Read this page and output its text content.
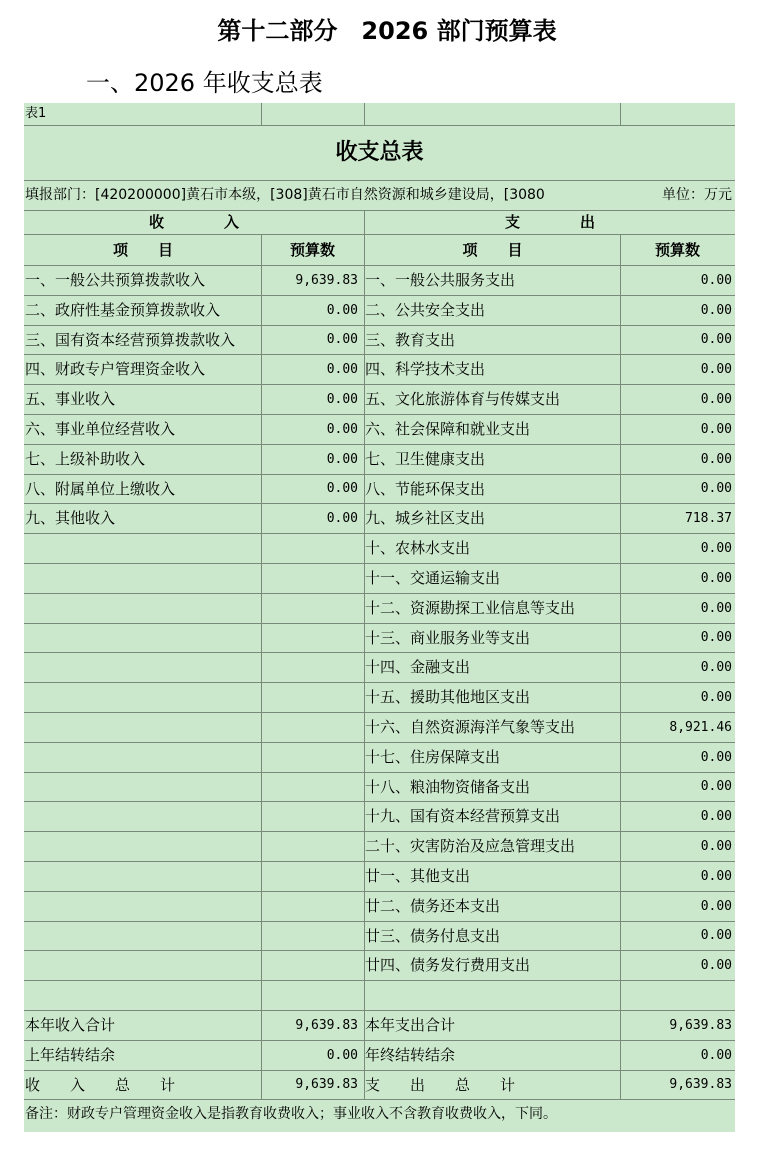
第十二部分　2026 部门预算表
一、2026 年收支总表
表1
收支总表
填报部门：[420200000]黄石市本级，[308]黄石市自然资源和城乡建设局，[3080	单位：万元
收　　　　入	支　　　　出
项　　目	预算数	项　　目	预算数
一、一般公共预算拨款收入	9,639.83 一、一般公共服务支出	0.00
二、政府性基金预算拨款收入	0.00 二、公共安全支出	0.00
三、国有资本经营预算拨款收入	0.00 三、教育支出	0.00
四、财政专户管理资金收入	0.00 四、科学技术支出	0.00
五、事业收入	0.00 五、文化旅游体育与传媒支出	0.00
六、事业单位经营收入	0.00 六、社会保障和就业支出	0.00
七、上级补助收入	0.00 七、卫生健康支出	0.00
八、附属单位上缴收入	0.00 八、节能环保支出	0.00
九、其他收入	0.00 九、城乡社区支出	718.37
十、农林水支出	0.00
十一、交通运输支出	0.00
十二、资源勘探工业信息等支出	0.00
十三、商业服务业等支出	0.00
十四、金融支出	0.00
十五、援助其他地区支出	0.00
十六、自然资源海洋气象等支出	8,921.46
十七、住房保障支出	0.00
十八、粮油物资储备支出	0.00
十九、国有资本经营预算支出	0.00
二十、灾害防治及应急管理支出	0.00
廿一、其他支出	0.00
廿二、债务还本支出	0.00
廿三、债务付息支出	0.00
廿四、债务发行费用支出	0.00
本年收入合计	9,639.83 本年支出合计	9,639.83
上年结转结余	0.00 年终结转结余	0.00
收　　入　　总　　计	9,639.83 支　　出　　总　　计	9,639.83
备注：财政专户管理资金收入是指教育收费收入；事业收入不含教育收费收入，下同。
